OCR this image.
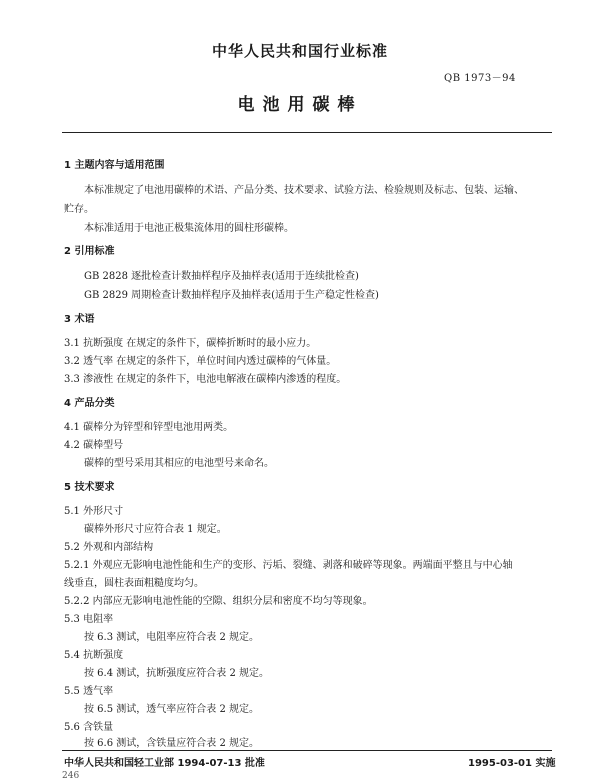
中华人民共和国行业标准
QB 1973－94
电池用碳棒
1 主题内容与适用范围
本标准规定了电池用碳棒的术语、产品分类、技术要求、试验方法、检验规则及标志、包装、运输、
贮存。
本标准适用于电池正极集流体用的圆柱形碳棒。
2 引用标准
GB 2828 逐批检查计数抽样程序及抽样表(适用于连续批检查)
GB 2829 周期检查计数抽样程序及抽样表(适用于生产稳定性检查)
3 术语
3.1 抗断强度 在规定的条件下，碳棒折断时的最小应力。
3.2 透气率 在规定的条件下，单位时间内透过碳棒的气体量。
3.3 渗液性 在规定的条件下，电池电解液在碳棒内渗透的程度。
4 产品分类
4.1 碳棒分为锌型和锌型电池用两类。
4.2 碳棒型号
碳棒的型号采用其相应的电池型号来命名。
5 技术要求
5.1 外形尺寸
碳棒外形尺寸应符合表 1 规定。
5.2 外观和内部结构
5.2.1 外观应无影响电池性能和生产的变形、污垢、裂缝、剥落和破碎等现象。两端面平整且与中心轴
线垂直，圆柱表面粗糙度均匀。
5.2.2 内部应无影响电池性能的空隙、组织分层和密度不均匀等现象。
5.3 电阻率
按 6.3 测试，电阻率应符合表 2 规定。
5.4 抗断强度
按 6.4 测试，抗断强度应符合表 2 规定。
5.5 透气率
按 6.5 测试，透气率应符合表 2 规定。
5.6 含铁量
按 6.6 测试，含铁量应符合表 2 规定。
中华人民共和国轻工业部 1994-07-13 批准	1995-03-01 实施
246
